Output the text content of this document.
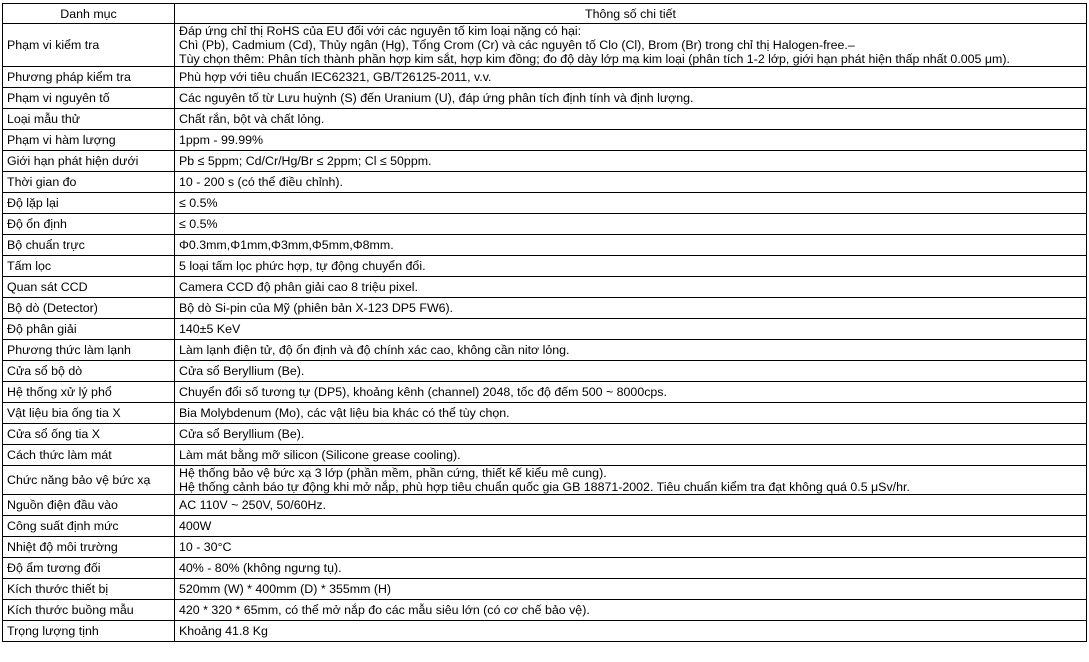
Danh mục	Thông số chi tiết
Phạm vi kiểm tra	Đáp ứng chỉ thị RoHS của EU đối với các nguyên tố kim loại nặng có hại:
Chì (Pb), Cadmium (Cd), Thủy ngân (Hg), Tổng Crom (Cr) và các nguyên tố Clo (Cl), Brom (Br) trong chỉ thị Halogen-free.–
Tùy chọn thêm: Phân tích thành phần hợp kim sắt, hợp kim đồng; đo độ dày lớp mạ kim loại (phân tích 1-2 lớp, giới hạn phát hiện thấp nhất 0.005 μm).

Phương pháp kiểm tra	Phù hợp với tiêu chuẩn IEC62321, GB/T26125-2011, v.v.

Phạm vi nguyên tố	Các nguyên tố từ Lưu huỳnh (S) đến Uranium (U), đáp ứng phân tích định tính và định lượng.

Loại mẫu thử	Chất rắn, bột và chất lỏng.

Phạm vi hàm lượng	1ppm - 99.99%

Giới hạn phát hiện dưới	Pb ≤ 5ppm; Cd/Cr/Hg/Br ≤ 2ppm; Cl ≤ 50ppm.

Thời gian đo	10 - 200 s (có thể điều chỉnh).

Độ lặp lại	≤ 0.5%

Độ ổn định	≤ 0.5%

Bộ chuẩn trực	Φ0.3mm,Φ1mm,Φ3mm,Φ5mm,Φ8mm.

Tấm lọc	5 loại tấm lọc phức hợp, tự động chuyển đổi.

Quan sát CCD	Camera CCD độ phân giải cao 8 triệu pixel.

Bộ dò (Detector)	Bộ dò Si-pin của Mỹ (phiên bản X-123 DP5 FW6).

Độ phân giải	140±5 KeV

Phương thức làm lạnh	Làm lạnh điện tử, độ ổn định và độ chính xác cao, không cần nitơ lỏng.

Cửa sổ bộ dò	Cửa sổ Beryllium (Be).

Hệ thống xử lý phổ	Chuyển đổi số tương tự (DP5), khoảng kênh (channel) 2048, tốc độ đếm 500 ~ 8000cps.

Vật liệu bia ống tia X	Bia Molybdenum (Mo), các vật liệu bia khác có thể tùy chọn.

Cửa sổ ống tia X	Cửa sổ Beryllium (Be).

Cách thức làm mát	Làm mát bằng mỡ silicon (Silicone grease cooling).

Chức năng bảo vệ bức xạ	Hệ thống bảo vệ bức xạ 3 lớp (phần mềm, phần cứng, thiết kế kiểu mê cung).
Hệ thống cảnh báo tự động khi mở nắp, phù hợp tiêu chuẩn quốc gia GB 18871-2002. Tiêu chuẩn kiểm tra đạt không quá 0.5 μSv/hr.

Nguồn điện đầu vào	AC 110V ~ 250V, 50/60Hz.

Công suất định mức	400W

Nhiệt độ môi trường	10 - 30°C

Độ ẩm tương đối	40% - 80% (không ngưng tụ).

Kích thước thiết bị	520mm (W) * 400mm (D) * 355mm (H)

Kích thước buồng mẫu	420 * 320 * 65mm, có thể mở nắp đo các mẫu siêu lớn (có cơ chế bảo vệ).

Trọng lượng tịnh	Khoảng 41.8 Kg
